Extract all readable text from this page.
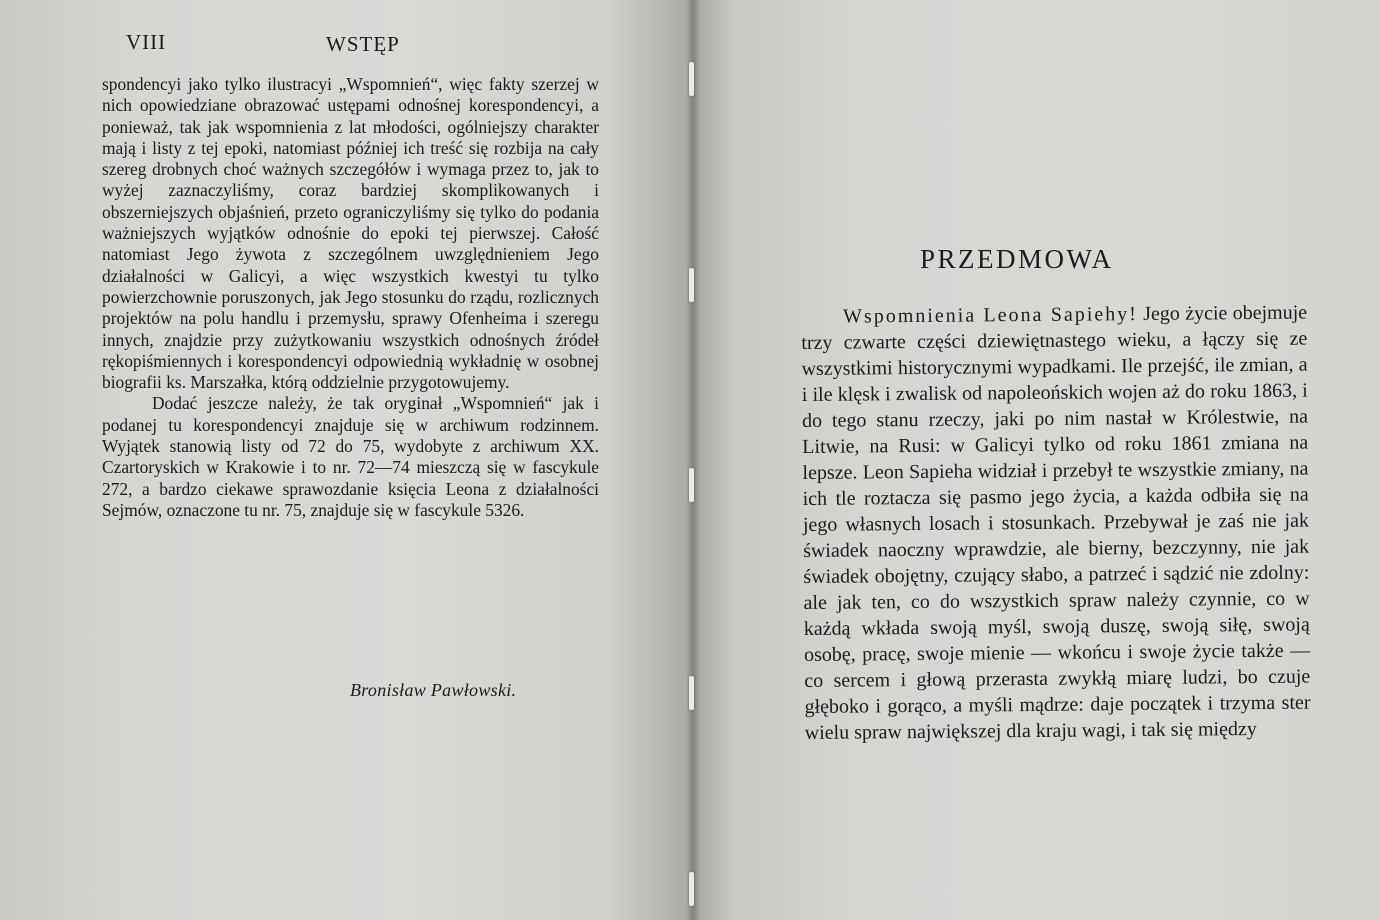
VIII	WSTĘP

spondencyi jako tylko ilustracyi „Wspomnień“, więc fakty szerzej w nich opowiedziane obrazować ustępami odnośnej korespondencyi, a ponieważ, tak jak wspomnienia z lat młodości, ogólniejszy charakter mają i listy z tej epoki, natomiast później ich treść się rozbija na cały szereg drobnych choć ważnych szczegółów i wymaga przez to, jak to wyżej zaznaczyliśmy, coraz bardziej skomplikowanych i obszerniejszych objaśnień, przeto ograniczyliśmy się tylko do podania ważniejszych wyjątków odnośnie do epoki tej pierwszej. Całość natomiast Jego żywota z szczególnem uwzględnieniem Jego działalności w Galicyi, a więc wszystkich kwestyi tu tylko powierzchownie poruszonych, jak Jego stosunku do rządu, rozlicznych projektów na polu handlu i przemysłu, sprawy Ofenheima i szeregu innych, znajdzie przy zużytkowaniu wszystkich odnośnych źródeł rękopiśmiennych i korespondencyi odpowiednią wykładnię w osobnej biografii ks. Marszałka, którą oddzielnie przygotowujemy.

Dodać jeszcze należy, że tak oryginał „Wspomnień“ jak i podanej tu korespondencyi znajduje się w archiwum rodzinnem. Wyjątek stanowią listy od 72 do 75, wydobyte z archiwum XX. Czartoryskich w Krakowie i to nr. 72—74 mieszczą się w fascykule 272, a bardzo ciekawe sprawozdanie księcia Leona z działalności Sejmów, oznaczone tu nr. 75, znajduje się w fascykule 5326.

Bronisław Pawłowski.
PRZEDMOWA

Wspomnienia Leona Sapiehy! Jego życie obejmuje trzy czwarte części dziewiętnastego wieku, a łączy się ze wszystkimi historycznymi wypadkami. Ile przejść, ile zmian, a i ile klęsk i zwalisk od napoleońskich wojen aż do roku 1863, i do tego stanu rzeczy, jaki po nim nastał w Królestwie, na Litwie, na Rusi: w Galicyi tylko od roku 1861 zmiana na lepsze. Leon Sapieha widział i przebył te wszystkie zmiany, na ich tle roztacza się pasmo jego życia, a każda odbiła się na jego własnych losach i stosunkach. Przebywał je zaś nie jak świadek naoczny wprawdzie, ale bierny, bezczynny, nie jak świadek obojętny, czujący słabo, a patrzeć i sądzić nie zdolny: ale jak ten, co do wszystkich spraw należy czynnie, co w każdą wkłada swoją myśl, swoją duszę, swoją siłę, swoją osobę, pracę, swoje mienie — wkońcu i swoje życie także — co sercem i głową przerasta zwykłą miarę ludzi, bo czuje głęboko i gorąco, a myśli mądrze: daje początek i trzyma ster wielu spraw największej dla kraju wagi, i tak się między
